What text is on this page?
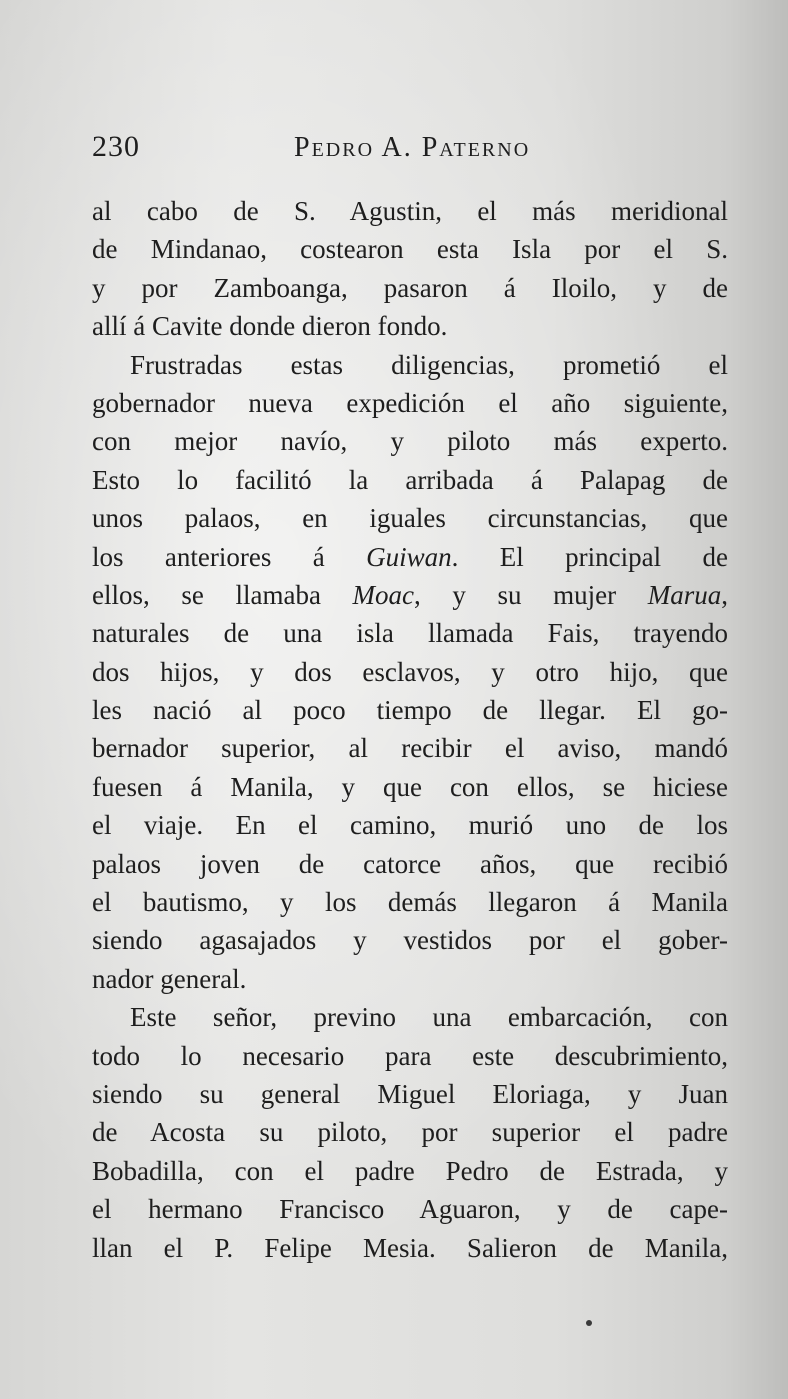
230	Pedro A. Paterno
al cabo de S. Agustin, el más meridional
de Mindanao, costearon esta Isla por el S.
y por Zamboanga, pasaron á Iloilo, y de
allí á Cavite donde dieron fondo.
Frustradas estas diligencias, prometió el
gobernador nueva expedición el año siguiente,
con mejor navío, y piloto más experto.
Esto lo facilitó la arribada á Palapag de
unos palaos, en iguales circunstancias, que
los anteriores á Guiwan. El principal de
ellos, se llamaba Moac, y su mujer Marua,
naturales de una isla llamada Fais, trayendo
dos hijos, y dos esclavos, y otro hijo, que
les nació al poco tiempo de llegar. El go-
bernador superior, al recibir el aviso, mandó
fuesen á Manila, y que con ellos, se hiciese
el viaje. En el camino, murió uno de los
palaos joven de catorce años, que recibió
el bautismo, y los demás llegaron á Manila
siendo agasajados y vestidos por el gober-
nador general.
Este señor, previno una embarcación, con
todo lo necesario para este descubrimiento,
siendo su general Miguel Eloriaga, y Juan
de Acosta su piloto, por superior el padre
Bobadilla, con el padre Pedro de Estrada, y
el hermano Francisco Aguaron, y de cape-
llan el P. Felipe Mesia. Salieron de Manila,
